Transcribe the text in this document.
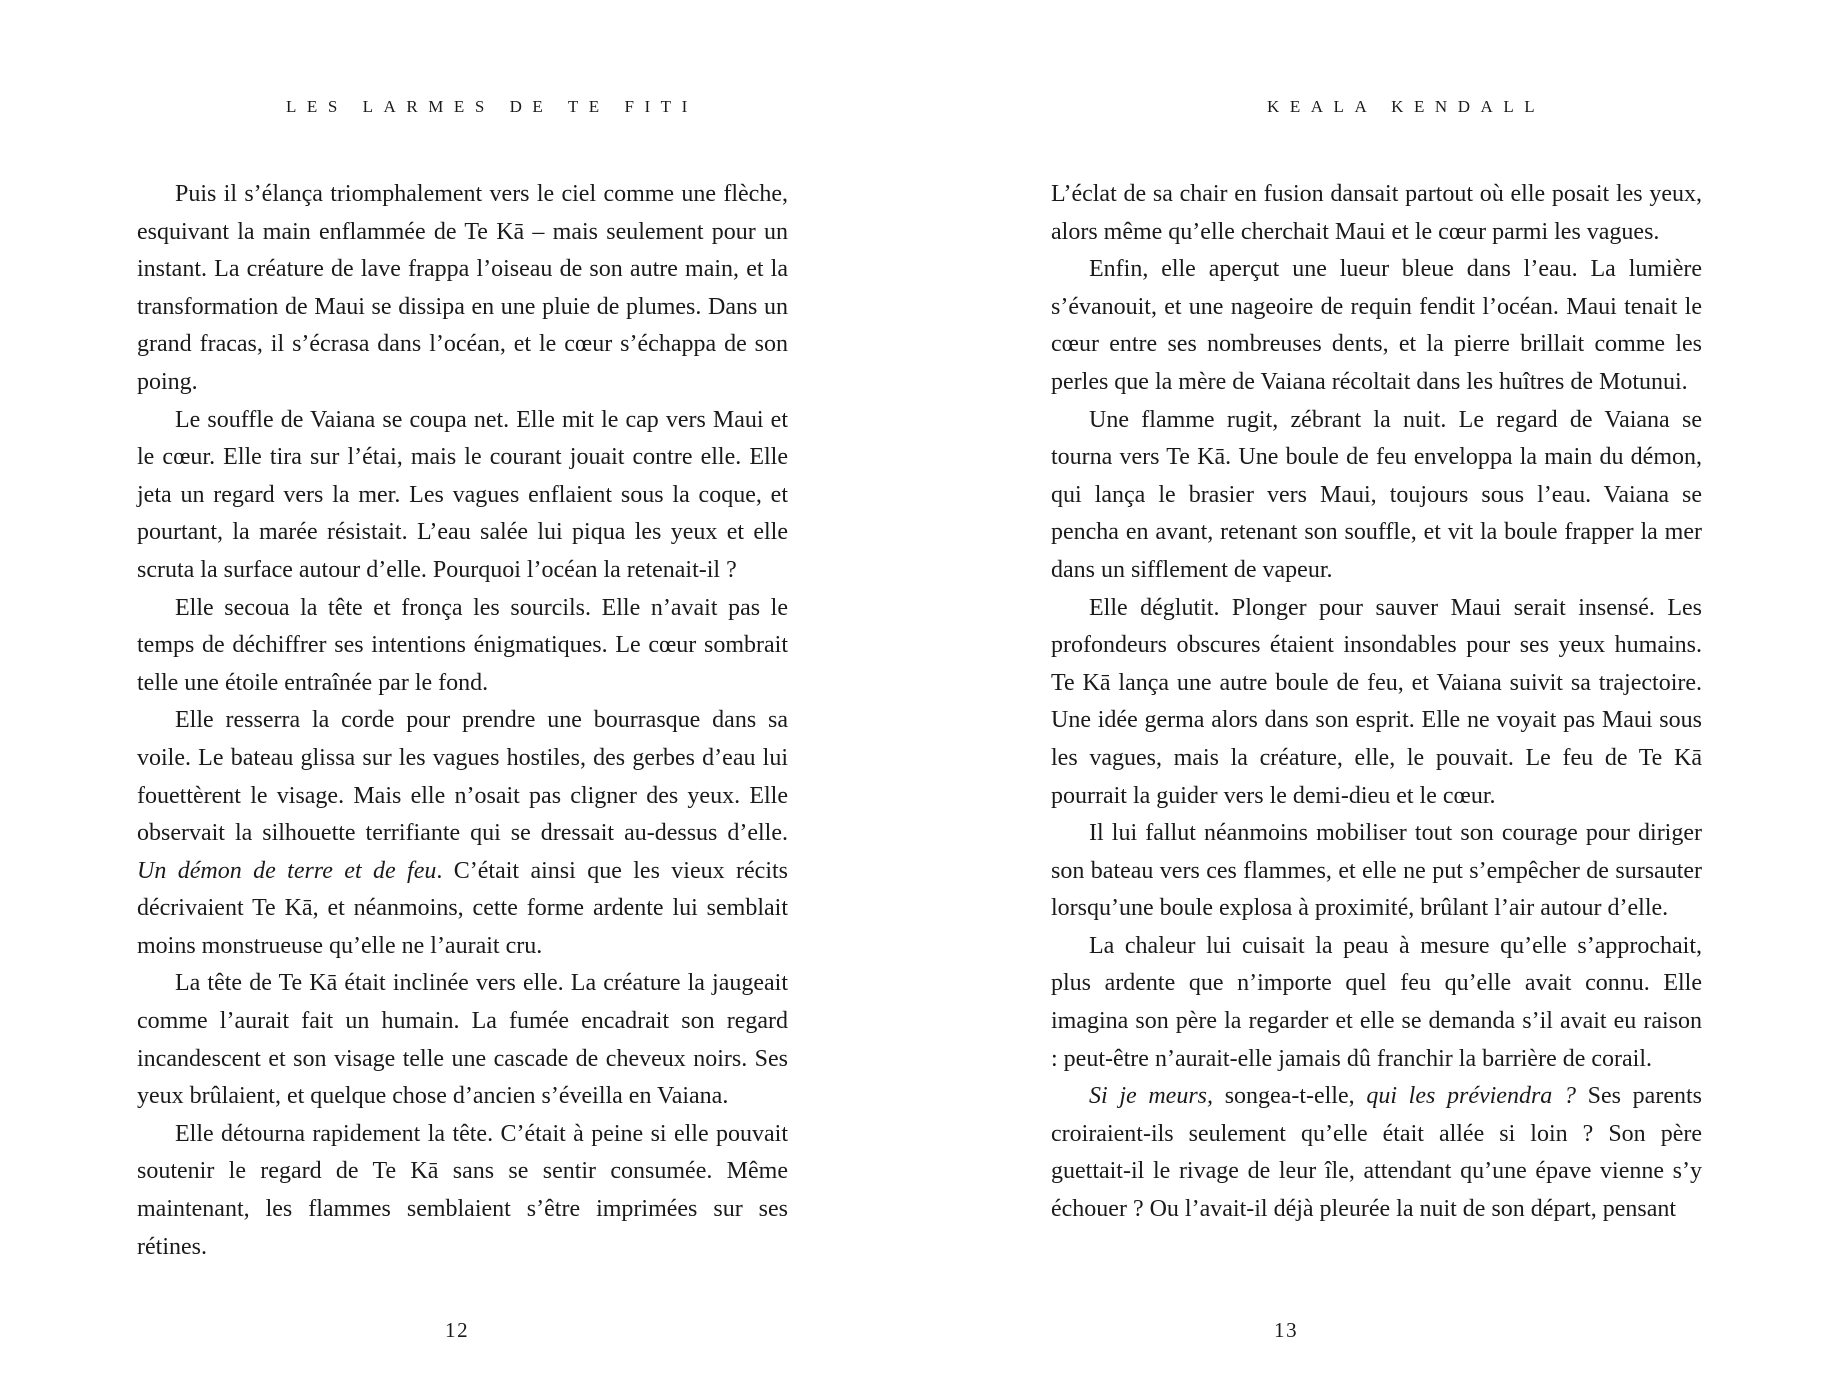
LES LARMES DE TE FITI

Puis il s’élança triomphalement vers le ciel comme une flèche, esquivant la main enflammée de Te Kā – mais seulement pour un instant. La créature de lave frappa l’oiseau de son autre main, et la transformation de Maui se dissipa en une pluie de plumes. Dans un grand fracas, il s’écrasa dans l’océan, et le cœur s’échappa de son poing.

Le souffle de Vaiana se coupa net. Elle mit le cap vers Maui et le cœur. Elle tira sur l’étai, mais le courant jouait contre elle. Elle jeta un regard vers la mer. Les vagues enflaient sous la coque, et pourtant, la marée résistait. L’eau salée lui piqua les yeux et elle scruta la surface autour d’elle. Pourquoi l’océan la retenait-il ?

Elle secoua la tête et fronça les sourcils. Elle n’avait pas le temps de déchiffrer ses intentions énigmatiques. Le cœur sombrait telle une étoile entraînée par le fond.

Elle resserra la corde pour prendre une bourrasque dans sa voile. Le bateau glissa sur les vagues hostiles, des gerbes d’eau lui fouettèrent le visage. Mais elle n’osait pas cligner des yeux. Elle observait la silhouette terrifiante qui se dressait au-dessus d’elle. Un démon de terre et de feu. C’était ainsi que les vieux récits décrivaient Te Kā, et néanmoins, cette forme ardente lui semblait moins monstrueuse qu’elle ne l’aurait cru.

La tête de Te Kā était inclinée vers elle. La créature la jaugeait comme l’aurait fait un humain. La fumée encadrait son regard incandescent et son visage telle une cascade de cheveux noirs. Ses yeux brûlaient, et quelque chose d’ancien s’éveilla en Vaiana.

Elle détourna rapidement la tête. C’était à peine si elle pouvait soutenir le regard de Te Kā sans se sentir consumée. Même maintenant, les flammes semblaient s’être imprimées sur ses rétines.

12
KEALA KENDALL

L’éclat de sa chair en fusion dansait partout où elle posait les yeux, alors même qu’elle cherchait Maui et le cœur parmi les vagues.

Enfin, elle aperçut une lueur bleue dans l’eau. La lumière s’évanouit, et une nageoire de requin fendit l’océan. Maui tenait le cœur entre ses nombreuses dents, et la pierre brillait comme les perles que la mère de Vaiana récoltait dans les huîtres de Motunui.

Une flamme rugit, zébrant la nuit. Le regard de Vaiana se tourna vers Te Kā. Une boule de feu enveloppa la main du démon, qui lança le brasier vers Maui, toujours sous l’eau. Vaiana se pencha en avant, retenant son souffle, et vit la boule frapper la mer dans un sifflement de vapeur.

Elle déglutit. Plonger pour sauver Maui serait insensé. Les profondeurs obscures étaient insondables pour ses yeux humains. Te Kā lança une autre boule de feu, et Vaiana suivit sa trajectoire. Une idée germa alors dans son esprit. Elle ne voyait pas Maui sous les vagues, mais la créature, elle, le pouvait. Le feu de Te Kā pourrait la guider vers le demi-dieu et le cœur.

Il lui fallut néanmoins mobiliser tout son courage pour diriger son bateau vers ces flammes, et elle ne put s’empêcher de sursauter lorsqu’une boule explosa à proximité, brûlant l’air autour d’elle.

La chaleur lui cuisait la peau à mesure qu’elle s’approchait, plus ardente que n’importe quel feu qu’elle avait connu. Elle imagina son père la regarder et elle se demanda s’il avait eu raison : peut-être n’aurait-elle jamais dû franchir la barrière de corail.

Si je meurs, songea-t-elle, qui les préviendra ? Ses parents croiraient-ils seulement qu’elle était allée si loin ? Son père guettait-il le rivage de leur île, attendant qu’une épave vienne s’y échouer ? Ou l’avait-il déjà pleurée la nuit de son départ, pensant

13
